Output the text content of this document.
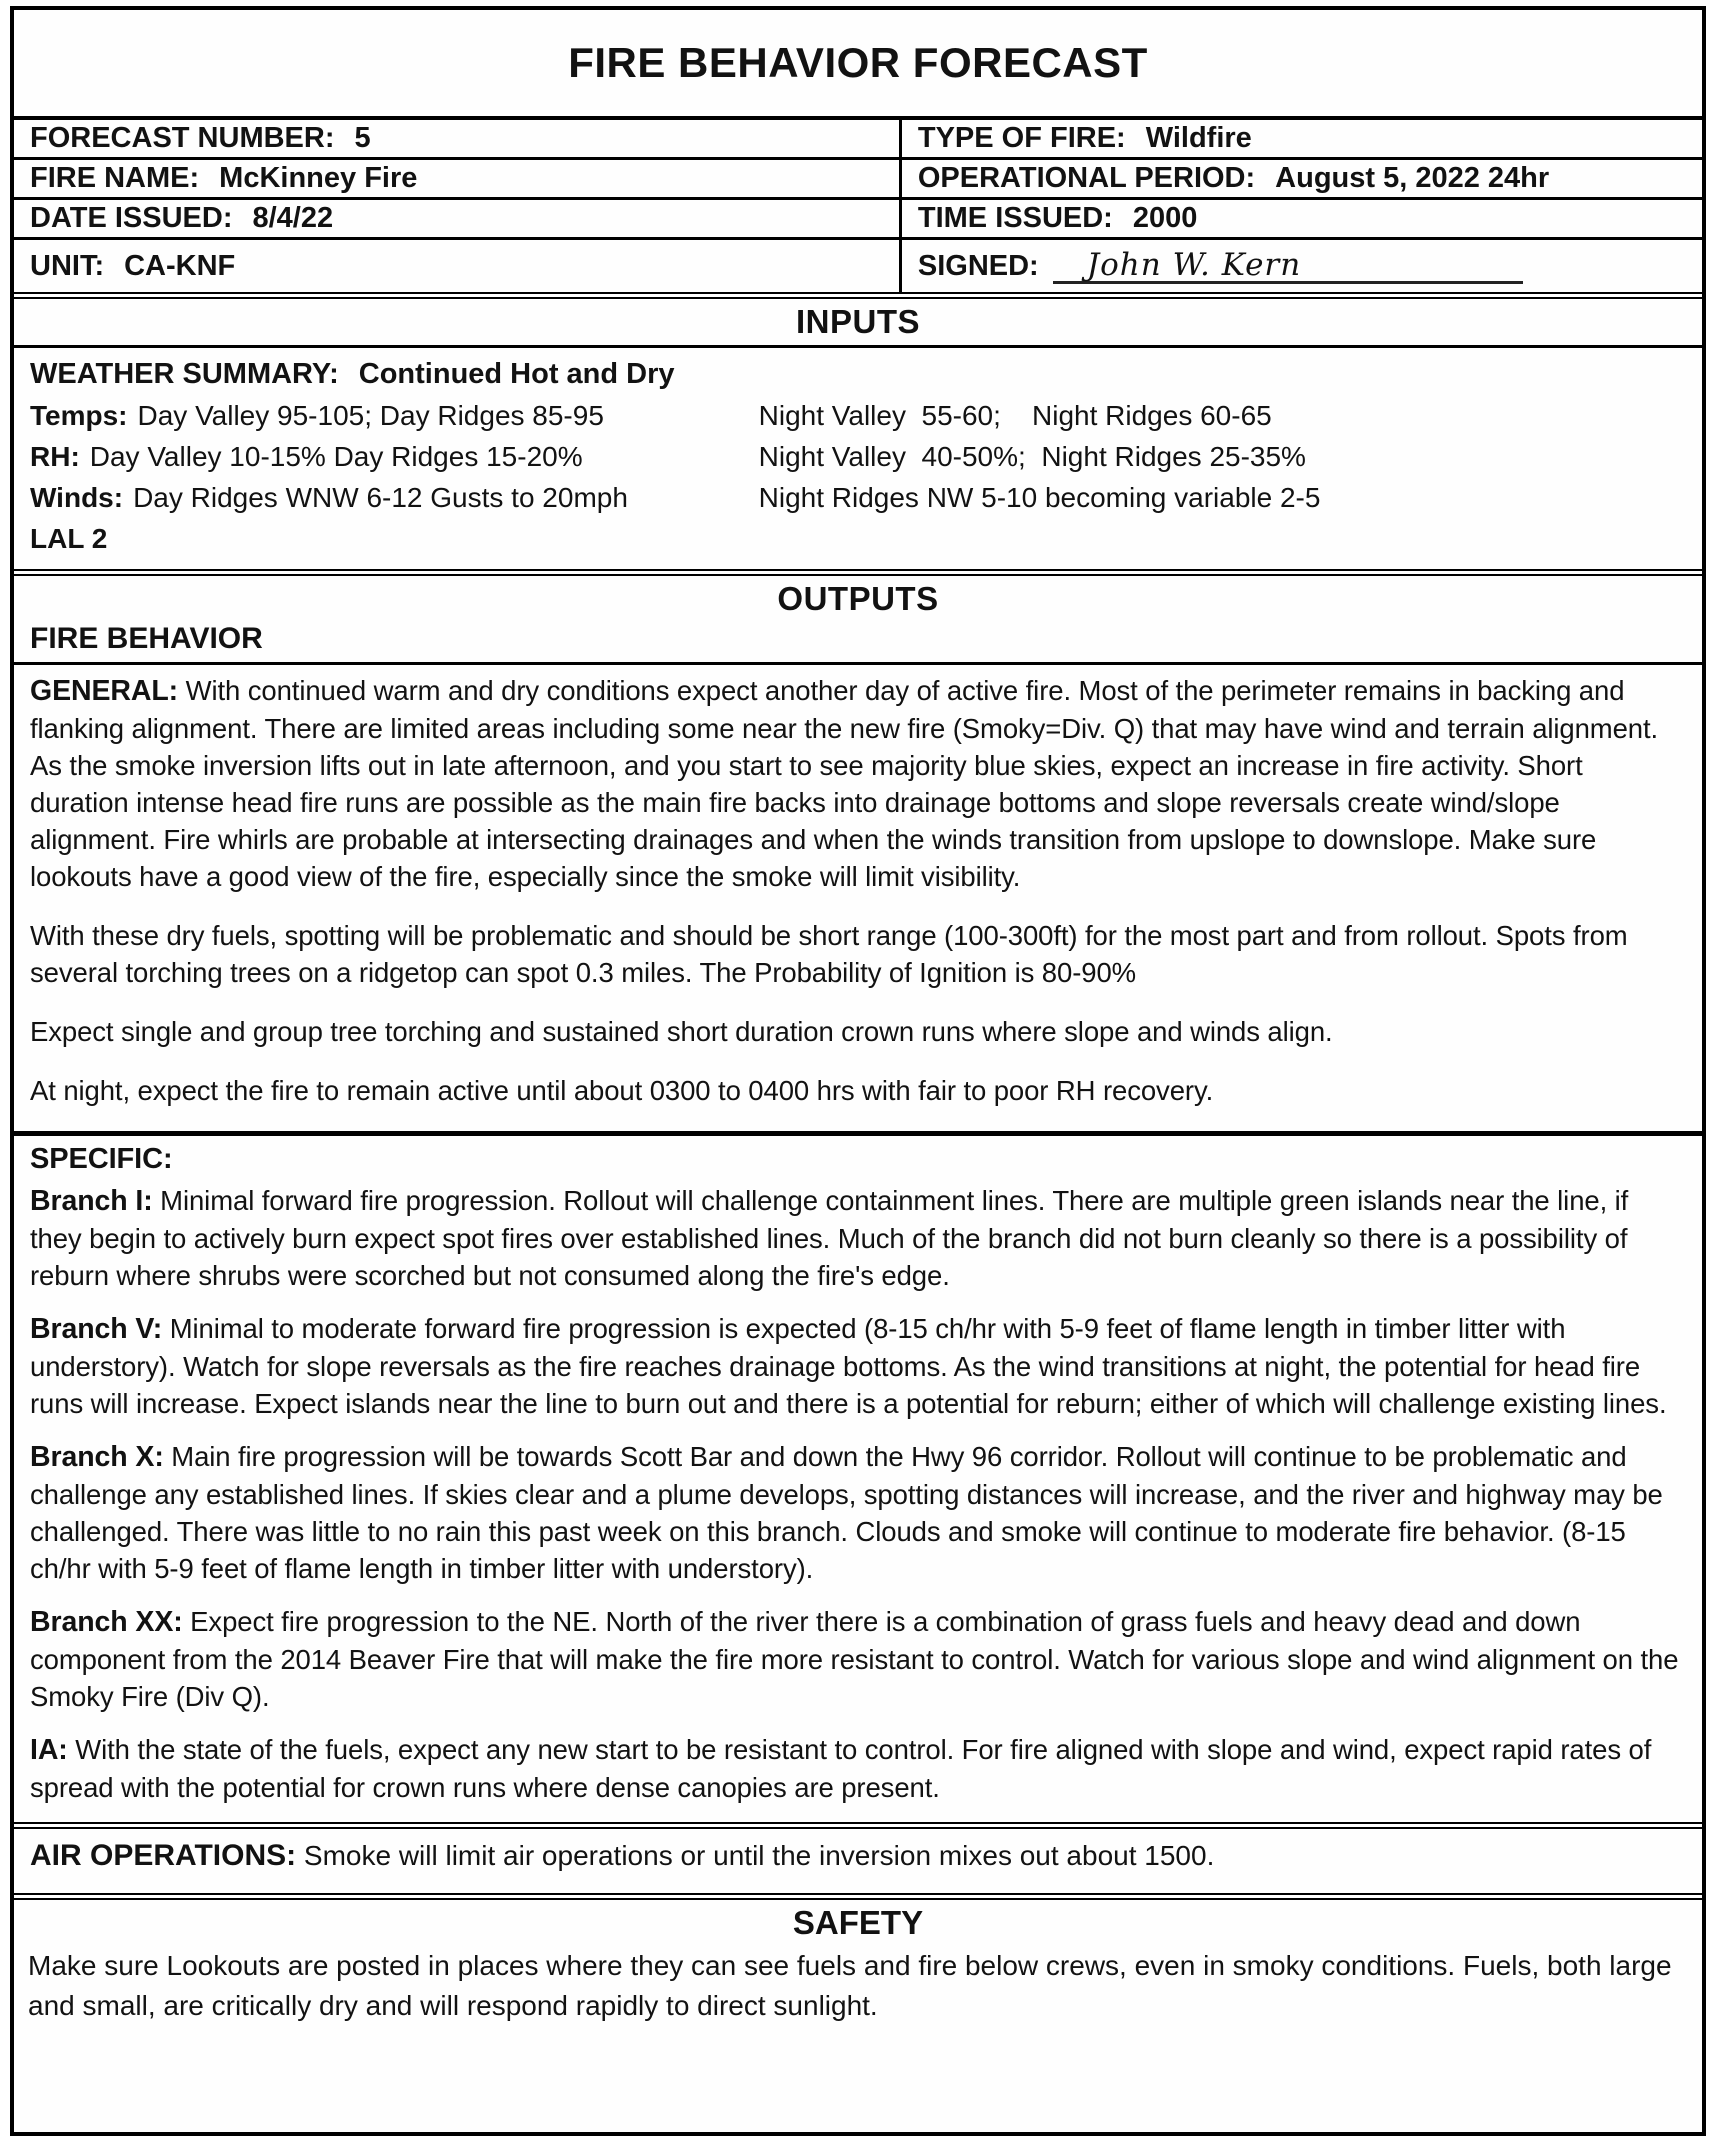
FIRE BEHAVIOR FORECAST
FORECAST NUMBER: 5	TYPE OF FIRE: Wildfire
FIRE NAME: McKinney Fire	OPERATIONAL PERIOD: August 5, 2022 24hr
DATE ISSUED: 8/4/22	TIME ISSUED: 2000
UNIT: CA-KNF	SIGNED:	John W. Kern
INPUTS
WEATHER SUMMARY: Continued Hot and Dry
Temps: Day Valley 95-105; Day Ridges 85-95	Night Valley  55-60;    Night Ridges 60-65
RH: Day Valley 10-15% Day Ridges 15-20%	Night Valley  40-50%;  Night Ridges 25-35%
Winds: Day Ridges WNW 6-12 Gusts to 20mph	Night Ridges NW 5-10 becoming variable 2-5
LAL 2
OUTPUTS
FIRE BEHAVIOR

GENERAL: With continued warm and dry conditions expect another day of active fire. Most of the perimeter remains in backing and flanking alignment. There are limited areas including some near the new fire (Smoky=Div. Q) that may have wind and terrain alignment. As the smoke inversion lifts out in late afternoon, and you start to see majority blue skies, expect an increase in fire activity. Short duration intense head fire runs are possible as the main fire backs into drainage bottoms and slope reversals create wind/slope alignment. Fire whirls are probable at intersecting drainages and when the winds transition from upslope to downslope. Make sure lookouts have a good view of the fire, especially since the smoke will limit visibility.

With these dry fuels, spotting will be problematic and should be short range (100-300ft) for the most part and from rollout. Spots from several torching trees on a ridgetop can spot 0.3 miles. The Probability of Ignition is 80-90%

Expect single and group tree torching and sustained short duration crown runs where slope and winds align.

At night, expect the fire to remain active until about 0300 to 0400 hrs with fair to poor RH recovery.

SPECIFIC:

Branch I: Minimal forward fire progression. Rollout will challenge containment lines. There are multiple green islands near the line, if they begin to actively burn expect spot fires over established lines. Much of the branch did not burn cleanly so there is a possibility of reburn where shrubs were scorched but not consumed along the fire's edge.

Branch V: Minimal to moderate forward fire progression is expected (8-15 ch/hr with 5-9 feet of flame length in timber litter with understory). Watch for slope reversals as the fire reaches drainage bottoms. As the wind transitions at night, the potential for head fire runs will increase. Expect islands near the line to burn out and there is a potential for reburn; either of which will challenge existing lines.

Branch X: Main fire progression will be towards Scott Bar and down the Hwy 96 corridor. Rollout will continue to be problematic and challenge any established lines. If skies clear and a plume develops, spotting distances will increase, and the river and highway may be challenged. There was little to no rain this past week on this branch. Clouds and smoke will continue to moderate fire behavior. (8-15 ch/hr with 5-9 feet of flame length in timber litter with understory).

Branch XX: Expect fire progression to the NE. North of the river there is a combination of grass fuels and heavy dead and down component from the 2014 Beaver Fire that will make the fire more resistant to control. Watch for various slope and wind alignment on the Smoky Fire (Div Q).

IA: With the state of the fuels, expect any new start to be resistant to control. For fire aligned with slope and wind, expect rapid rates of spread with the potential for crown runs where dense canopies are present.

AIR OPERATIONS: Smoke will limit air operations or until the inversion mixes out about 1500.
SAFETY
Make sure Lookouts are posted in places where they can see fuels and fire below crews, even in smoky conditions. Fuels, both large and small, are critically dry and will respond rapidly to direct sunlight.
